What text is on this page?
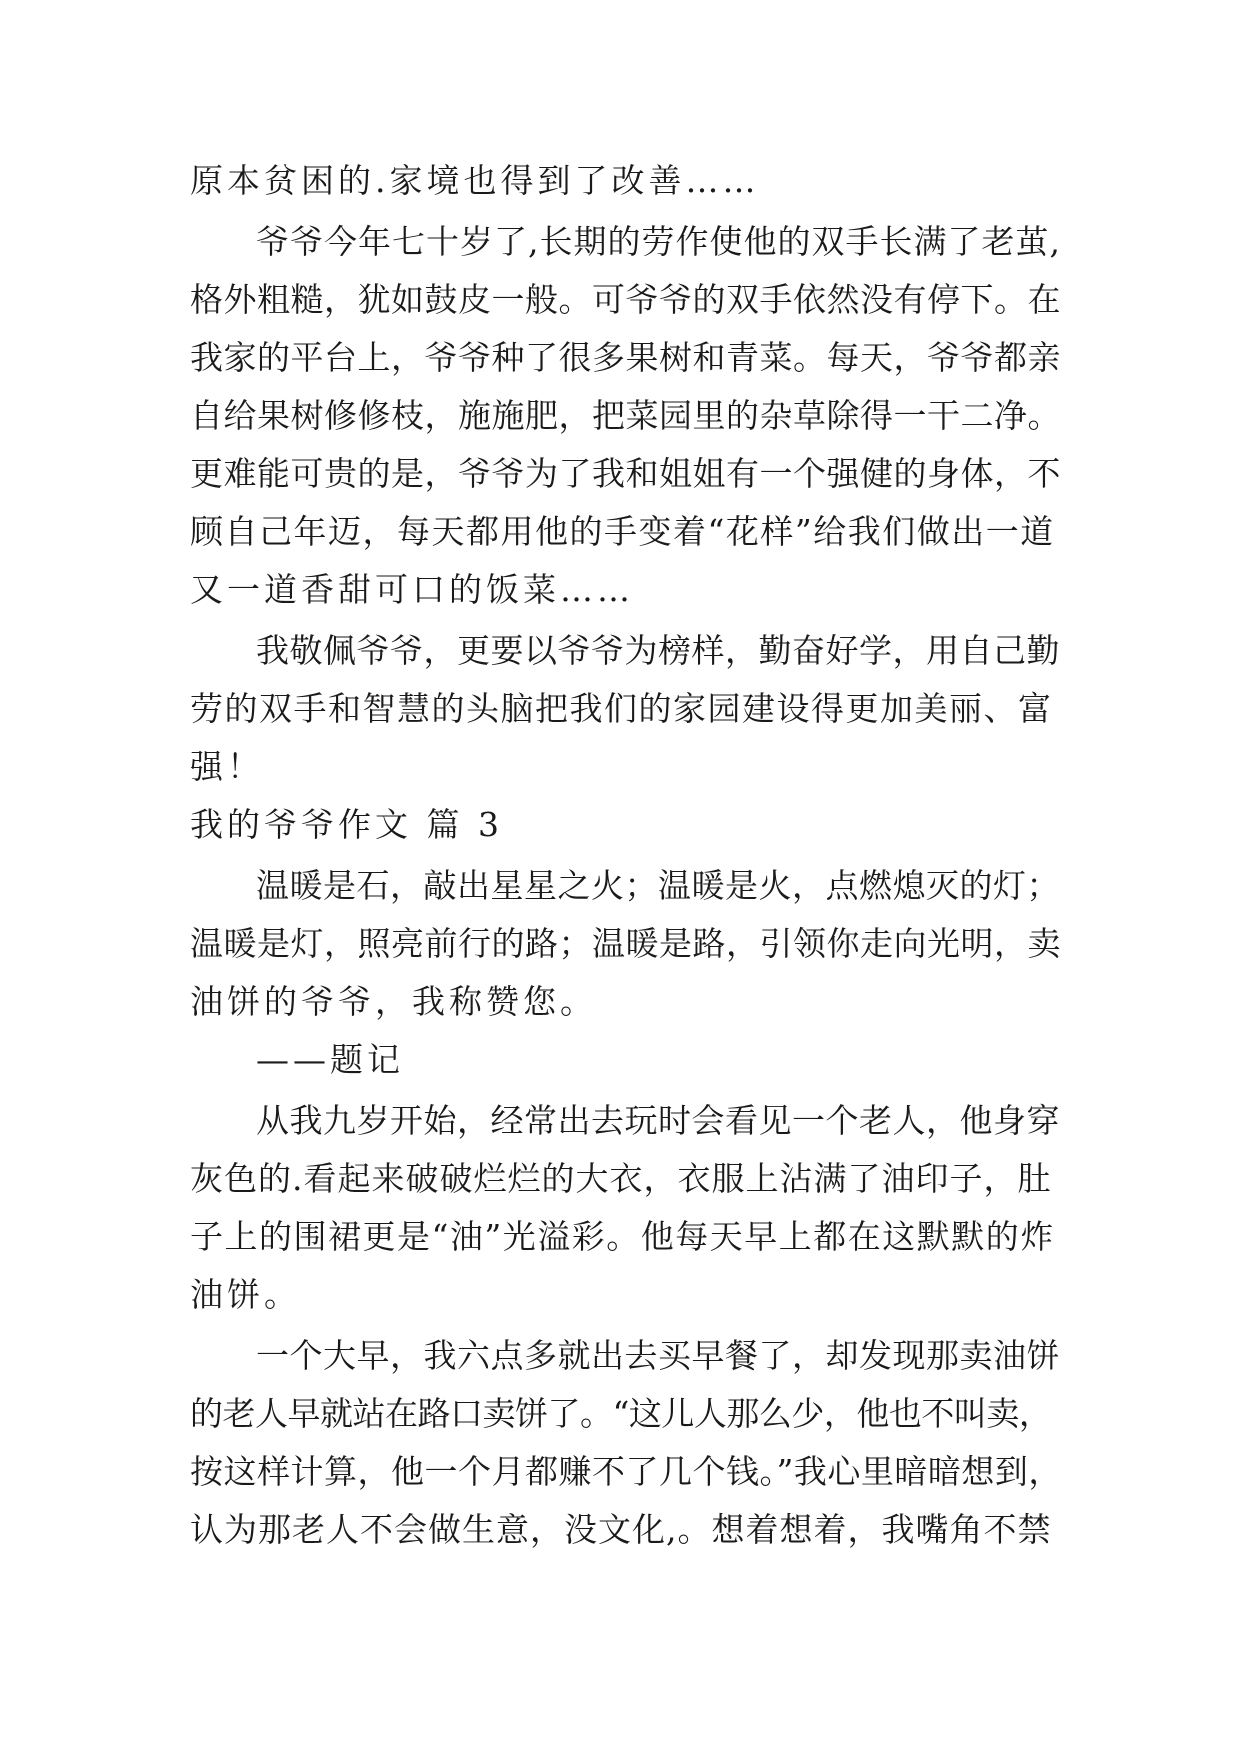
原本贫困的.家境也得到了改善……
爷爷今年七十岁了,长期的劳作使他的双手长满了老茧,
格外粗糙，犹如鼓皮一般。可爷爷的双手依然没有停下。在
我家的平台上，爷爷种了很多果树和青菜。每天，爷爷都亲
自给果树修修枝，施施肥，把菜园里的杂草除得一干二净。
更难能可贵的是，爷爷为了我和姐姐有一个强健的身体，不
顾自己年迈，每天都用他的手变着“花样”给我们做出一道
又一道香甜可口的饭菜……
我敬佩爷爷，更要以爷爷为榜样，勤奋好学，用自己勤
劳的双手和智慧的头脑把我们的家园建设得更加美丽、富
强！
我的爷爷作文 篇 3
温暖是石，敲出星星之火；温暖是火，点燃熄灭的灯；
温暖是灯，照亮前行的路；温暖是路，引领你走向光明，卖
油饼的爷爷，我称赞您。
——题记
从我九岁开始，经常出去玩时会看见一个老人，他身穿
灰色的.看起来破破烂烂的大衣，衣服上沾满了油印子，肚
子上的围裙更是“油”光溢彩。他每天早上都在这默默的炸
油饼。
一个大早，我六点多就出去买早餐了，却发现那卖油饼
的老人早就站在路口卖饼了。“这儿人那么少，他也不叫卖，
按这样计算，他一个月都赚不了几个钱。”我心里暗暗想到，
认为那老人不会做生意，没文化,。想着想着，我嘴角不禁
